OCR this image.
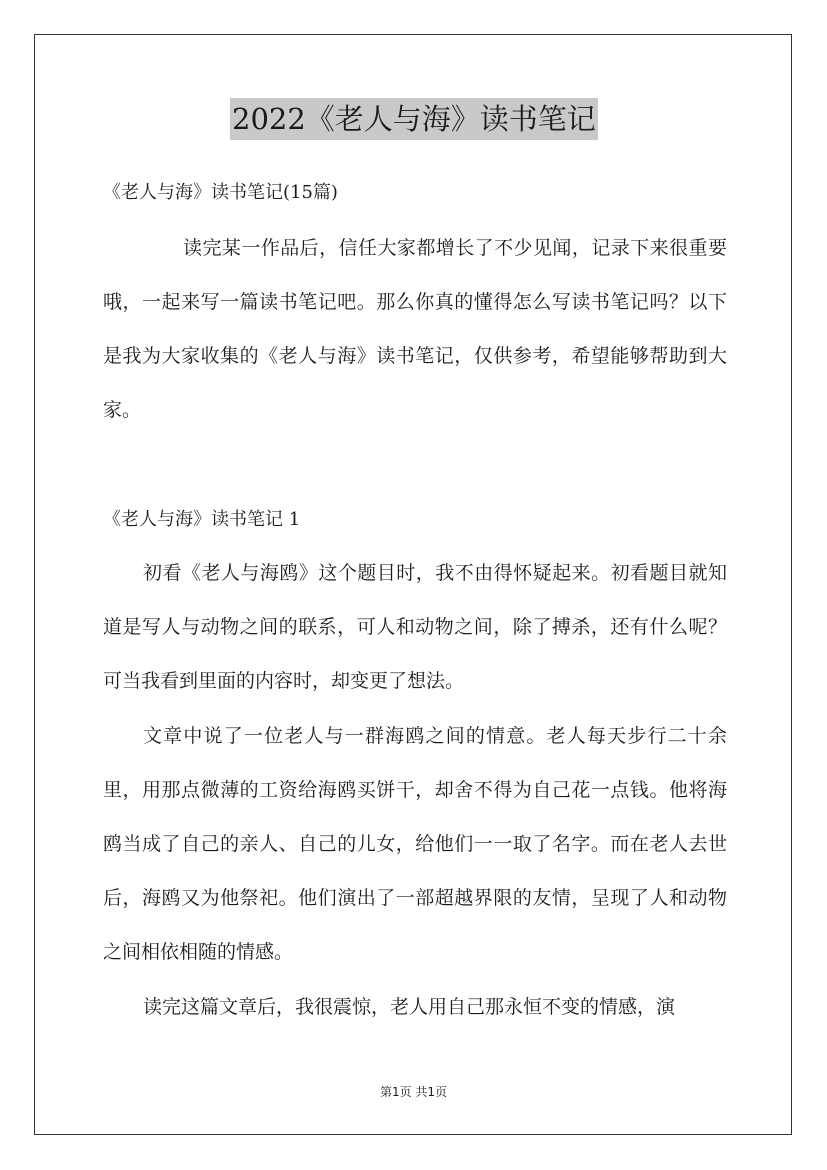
2022《老人与海》读书笔记
《老人与海》读书笔记(15篇)

读完某一作品后，信任大家都增长了不少见闻，记录下来很重要哦，一起来写一篇读书笔记吧。那么你真的懂得怎么写读书笔记吗？以下是我为大家收集的《老人与海》读书笔记，仅供参考，希望能够帮助到大家。

《老人与海》读书笔记 1

初看《老人与海鸥》这个题目时，我不由得怀疑起来。初看题目就知道是写人与动物之间的联系，可人和动物之间，除了搏杀，还有什么呢？可当我看到里面的内容时，却变更了想法。

文章中说了一位老人与一群海鸥之间的情意。老人每天步行二十余里，用那点微薄的工资给海鸥买饼干，却舍不得为自己花一点钱。他将海鸥当成了自己的亲人、自己的儿女，给他们一一取了名字。而在老人去世后，海鸥又为他祭祀。他们演出了一部超越界限的友情，呈现了人和动物之间相依相随的情感。

读完这篇文章后，我很震惊，老人用自己那永恒不变的情感，演

第1页 共1页
